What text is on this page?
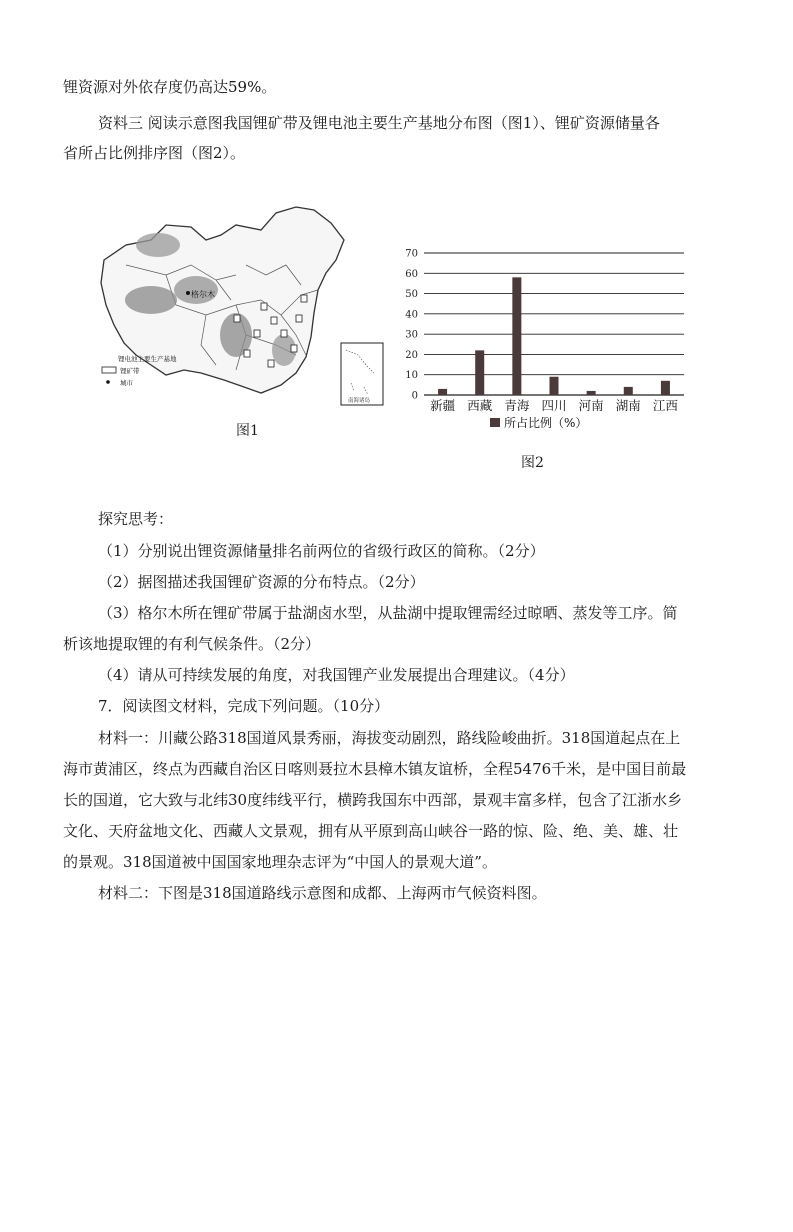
锂资源对外依存度仍高达59%。
资料三 阅读示意图我国锂矿带及锂电池主要生产基地分布图（图1）、锂矿资源储量各
省所占比例排序图（图2）。
格尔木
锂电池主要生产基地
锂矿带
城市
南海诸岛
图1
0
10
20
30
40
50
60
70
新疆 西藏 青海 四川 河南 湖南 江西
所占比例（%）
图2
探究思考：
（1）分别说出锂资源储量排名前两位的省级行政区的简称。（2分）
（2）据图描述我国锂矿资源的分布特点。（2分）
（3）格尔木所在锂矿带属于盐湖卤水型，从盐湖中提取锂需经过晾晒、蒸发等工序。简
析该地提取锂的有利气候条件。（2分）
（4）请从可持续发展的角度，对我国锂产业发展提出合理建议。（4分）
7．阅读图文材料，完成下列问题。（10分）
材料一：川藏公路318国道风景秀丽，海拔变动剧烈，路线险峻曲折。318国道起点在上
海市黄浦区，终点为西藏自治区日喀则聂拉木县樟木镇友谊桥，全程5476千米，是中国目前最
长的国道，它大致与北纬30度纬线平行，横跨我国东中西部，景观丰富多样，包含了江浙水乡
文化、天府盆地文化、西藏人文景观，拥有从平原到高山峡谷一路的惊、险、绝、美、雄、壮
的景观。318国道被中国国家地理杂志评为“中国人的景观大道”。
材料二：下图是318国道路线示意图和成都、上海两市气候资料图。
